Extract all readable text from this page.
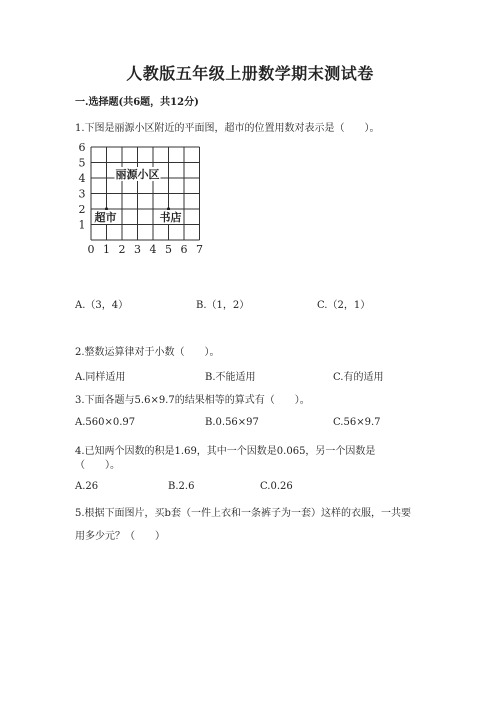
人教版五年级上册数学期末测试卷
一.选择题(共6题，共12分)
1.下图是丽源小区附近的平面图，超市的位置用数对表示是（　　）。
0 1 2 3 4 5 6 7
1
2
3
4
5
6
丽源小区
书店
超市
A.（3，4）	B.（1，2）	C.（2，1）
2.整数运算律对于小数（　　）。
A.同样适用	B.不能适用	C.有的适用
3.下面各题与5.6×9.7的结果相等的算式有（　　）。
A.560×0.97	B.0.56×97	C.56×9.7
4.已知两个因数的积是1.69，其中一个因数是0.065，另一个因数是
（　　）。
A.26	B.2.6	C.0.26
5.根据下面图片，买b套（一件上衣和一条裤子为一套）这样的衣服，一共要
用多少元？（　　）
